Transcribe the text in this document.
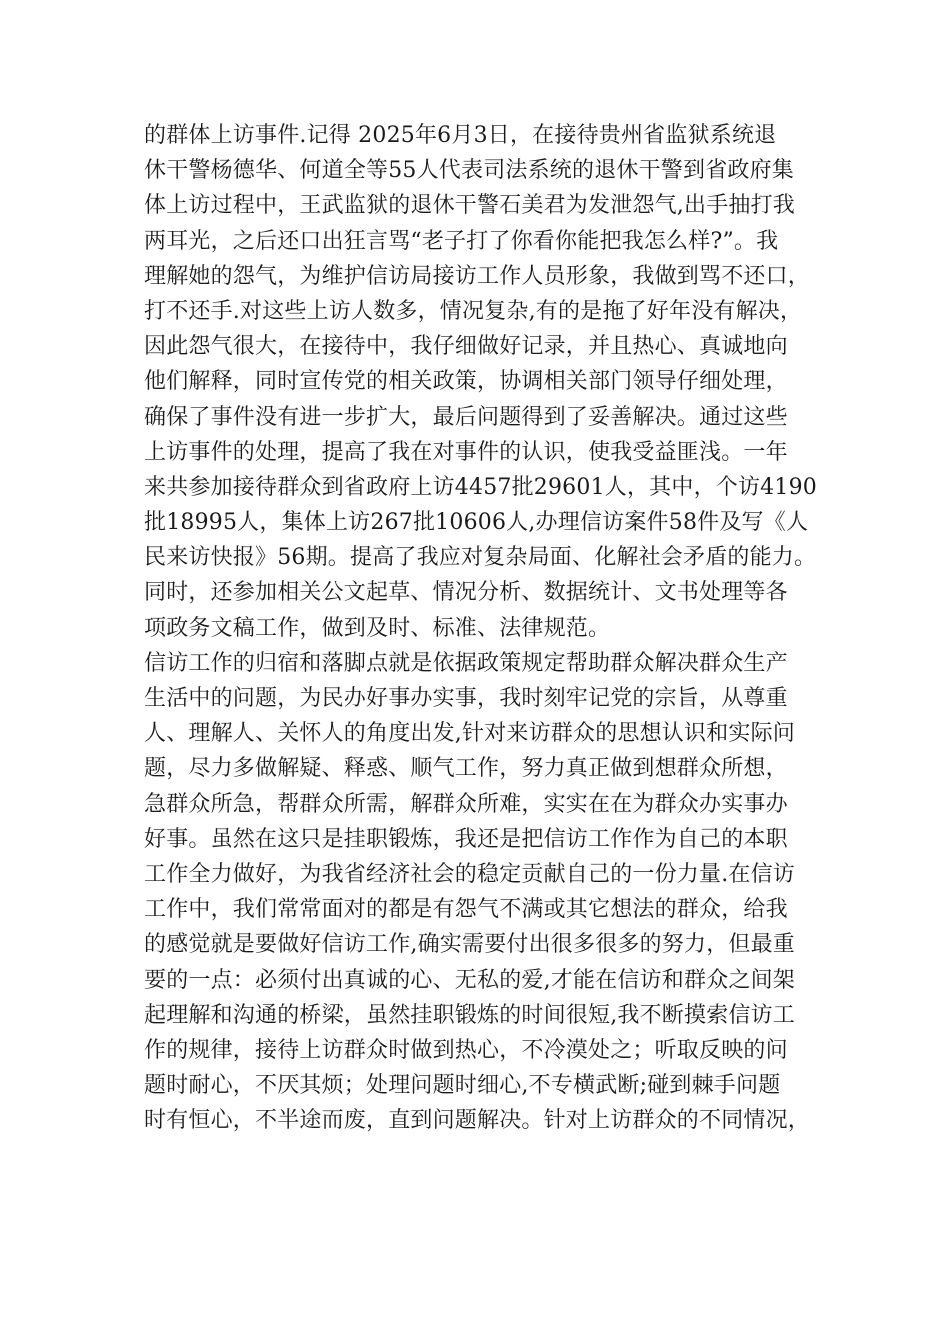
的群体上访事件.记得 2025年6月3日，在接待贵州省监狱系统退
休干警杨德华、何道全等55人代表司法系统的退休干警到省政府集
体上访过程中，王武监狱的退休干警石美君为发泄怨气,出手抽打我
两耳光，之后还口出狂言骂“老子打了你看你能把我怎么样?”。我
理解她的怨气，为维护信访局接访工作人员形象，我做到骂不还口，
打不还手.对这些上访人数多，情况复杂,有的是拖了好年没有解决，
因此怨气很大，在接待中，我仔细做好记录，并且热心、真诚地向
他们解释，同时宣传党的相关政策，协调相关部门领导仔细处理，
确保了事件没有进一步扩大，最后问题得到了妥善解决。通过这些
上访事件的处理，提高了我在对事件的认识，使我受益匪浅。一年
来共参加接待群众到省政府上访4457批29601人，其中，个访4190
批18995人，集体上访267批10606人,办理信访案件58件及写《人
民来访快报》56期。提高了我应对复杂局面、化解社会矛盾的能力。
同时，还参加相关公文起草、情况分析、数据统计、文书处理等各
项政务文稿工作，做到及时、标准、法律规范。
信访工作的归宿和落脚点就是依据政策规定帮助群众解决群众生产
生活中的问题，为民办好事办实事，我时刻牢记党的宗旨，从尊重
人、理解人、关怀人的角度出发,针对来访群众的思想认识和实际问
题，尽力多做解疑、释惑、顺气工作，努力真正做到想群众所想，
急群众所急，帮群众所需，解群众所难，实实在在为群众办实事办
好事。虽然在这只是挂职锻炼，我还是把信访工作作为自己的本职
工作全力做好，为我省经济社会的稳定贡献自己的一份力量.在信访
工作中，我们常常面对的都是有怨气不满或其它想法的群众，给我
的感觉就是要做好信访工作,确实需要付出很多很多的努力，但最重
要的一点：必须付出真诚的心、无私的爱,才能在信访和群众之间架
起理解和沟通的桥梁，虽然挂职锻炼的时间很短,我不断摸索信访工
作的规律，接待上访群众时做到热心，不冷漠处之；听取反映的问
题时耐心，不厌其烦；处理问题时细心,不专横武断;碰到棘手问题
时有恒心，不半途而废，直到问题解决。针对上访群众的不同情况，
